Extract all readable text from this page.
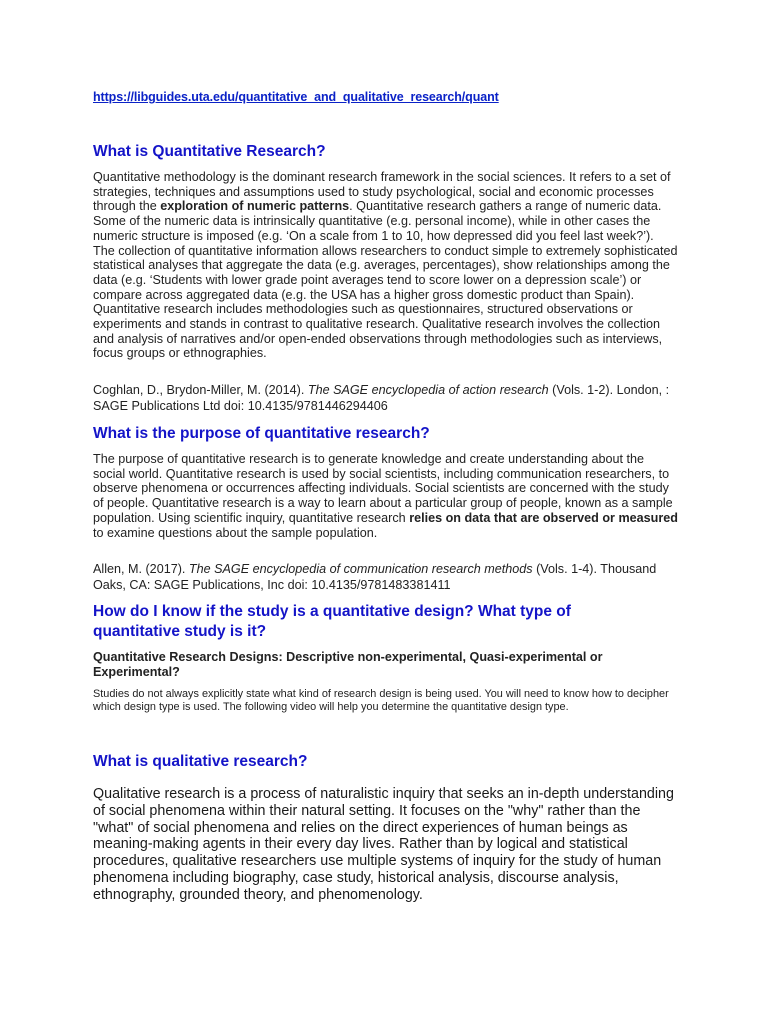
https://libguides.uta.edu/quantitative_and_qualitative_research/quant
What is Quantitative Research?

Quantitative methodology is the dominant research framework in the social sciences. It refers to a set of strategies, techniques and assumptions used to study psychological, social and economic processes through the exploration of numeric patterns. Quantitative research gathers a range of numeric data. Some of the numeric data is intrinsically quantitative (e.g. personal income), while in other cases the numeric structure is imposed (e.g. ‘On a scale from 1 to 10, how depressed did you feel last week?’). The collection of quantitative information allows researchers to conduct simple to extremely sophisticated statistical analyses that aggregate the data (e.g. averages, percentages), show relationships among the data (e.g. ‘Students with lower grade point averages tend to score lower on a depression scale’) or compare across aggregated data (e.g. the USA has a higher gross domestic product than Spain). Quantitative research includes methodologies such as questionnaires, structured observations or experiments and stands in contrast to qualitative research. Qualitative research involves the collection and analysis of narratives and/or open-ended observations through methodologies such as interviews, focus groups or ethnographies.

Coghlan, D., Brydon-Miller, M. (2014). The SAGE encyclopedia of action research (Vols. 1-2). London, : SAGE Publications Ltd doi: 10.4135/9781446294406

What is the purpose of quantitative research?

The purpose of quantitative research is to generate knowledge and create understanding about the social world. Quantitative research is used by social scientists, including communication researchers, to observe phenomena or occurrences affecting individuals. Social scientists are concerned with the study of people. Quantitative research is a way to learn about a particular group of people, known as a sample population. Using scientific inquiry, quantitative research relies on data that are observed or measured to examine questions about the sample population.

Allen, M. (2017). The SAGE encyclopedia of communication research methods (Vols. 1-4). Thousand Oaks, CA: SAGE Publications, Inc doi: 10.4135/9781483381411

How do I know if the study is a quantitative design? What type of
quantitative study is it?
Quantitative Research Designs: Descriptive non-experimental, Quasi-experimental or Experimental?

Studies do not always explicitly state what kind of research design is being used. You will need to know how to decipher which design type is used. The following video will help you determine the quantitative design type.

What is qualitative research?

Qualitative research is a process of naturalistic inquiry that seeks an in-depth understanding of social phenomena within their natural setting. It focuses on the "why" rather than the "what" of social phenomena and relies on the direct experiences of human beings as meaning-making agents in their every day lives. Rather than by logical and statistical procedures, qualitative researchers use multiple systems of inquiry for the study of human phenomena including biography, case study, historical analysis, discourse analysis, ethnography, grounded theory, and phenomenology.
